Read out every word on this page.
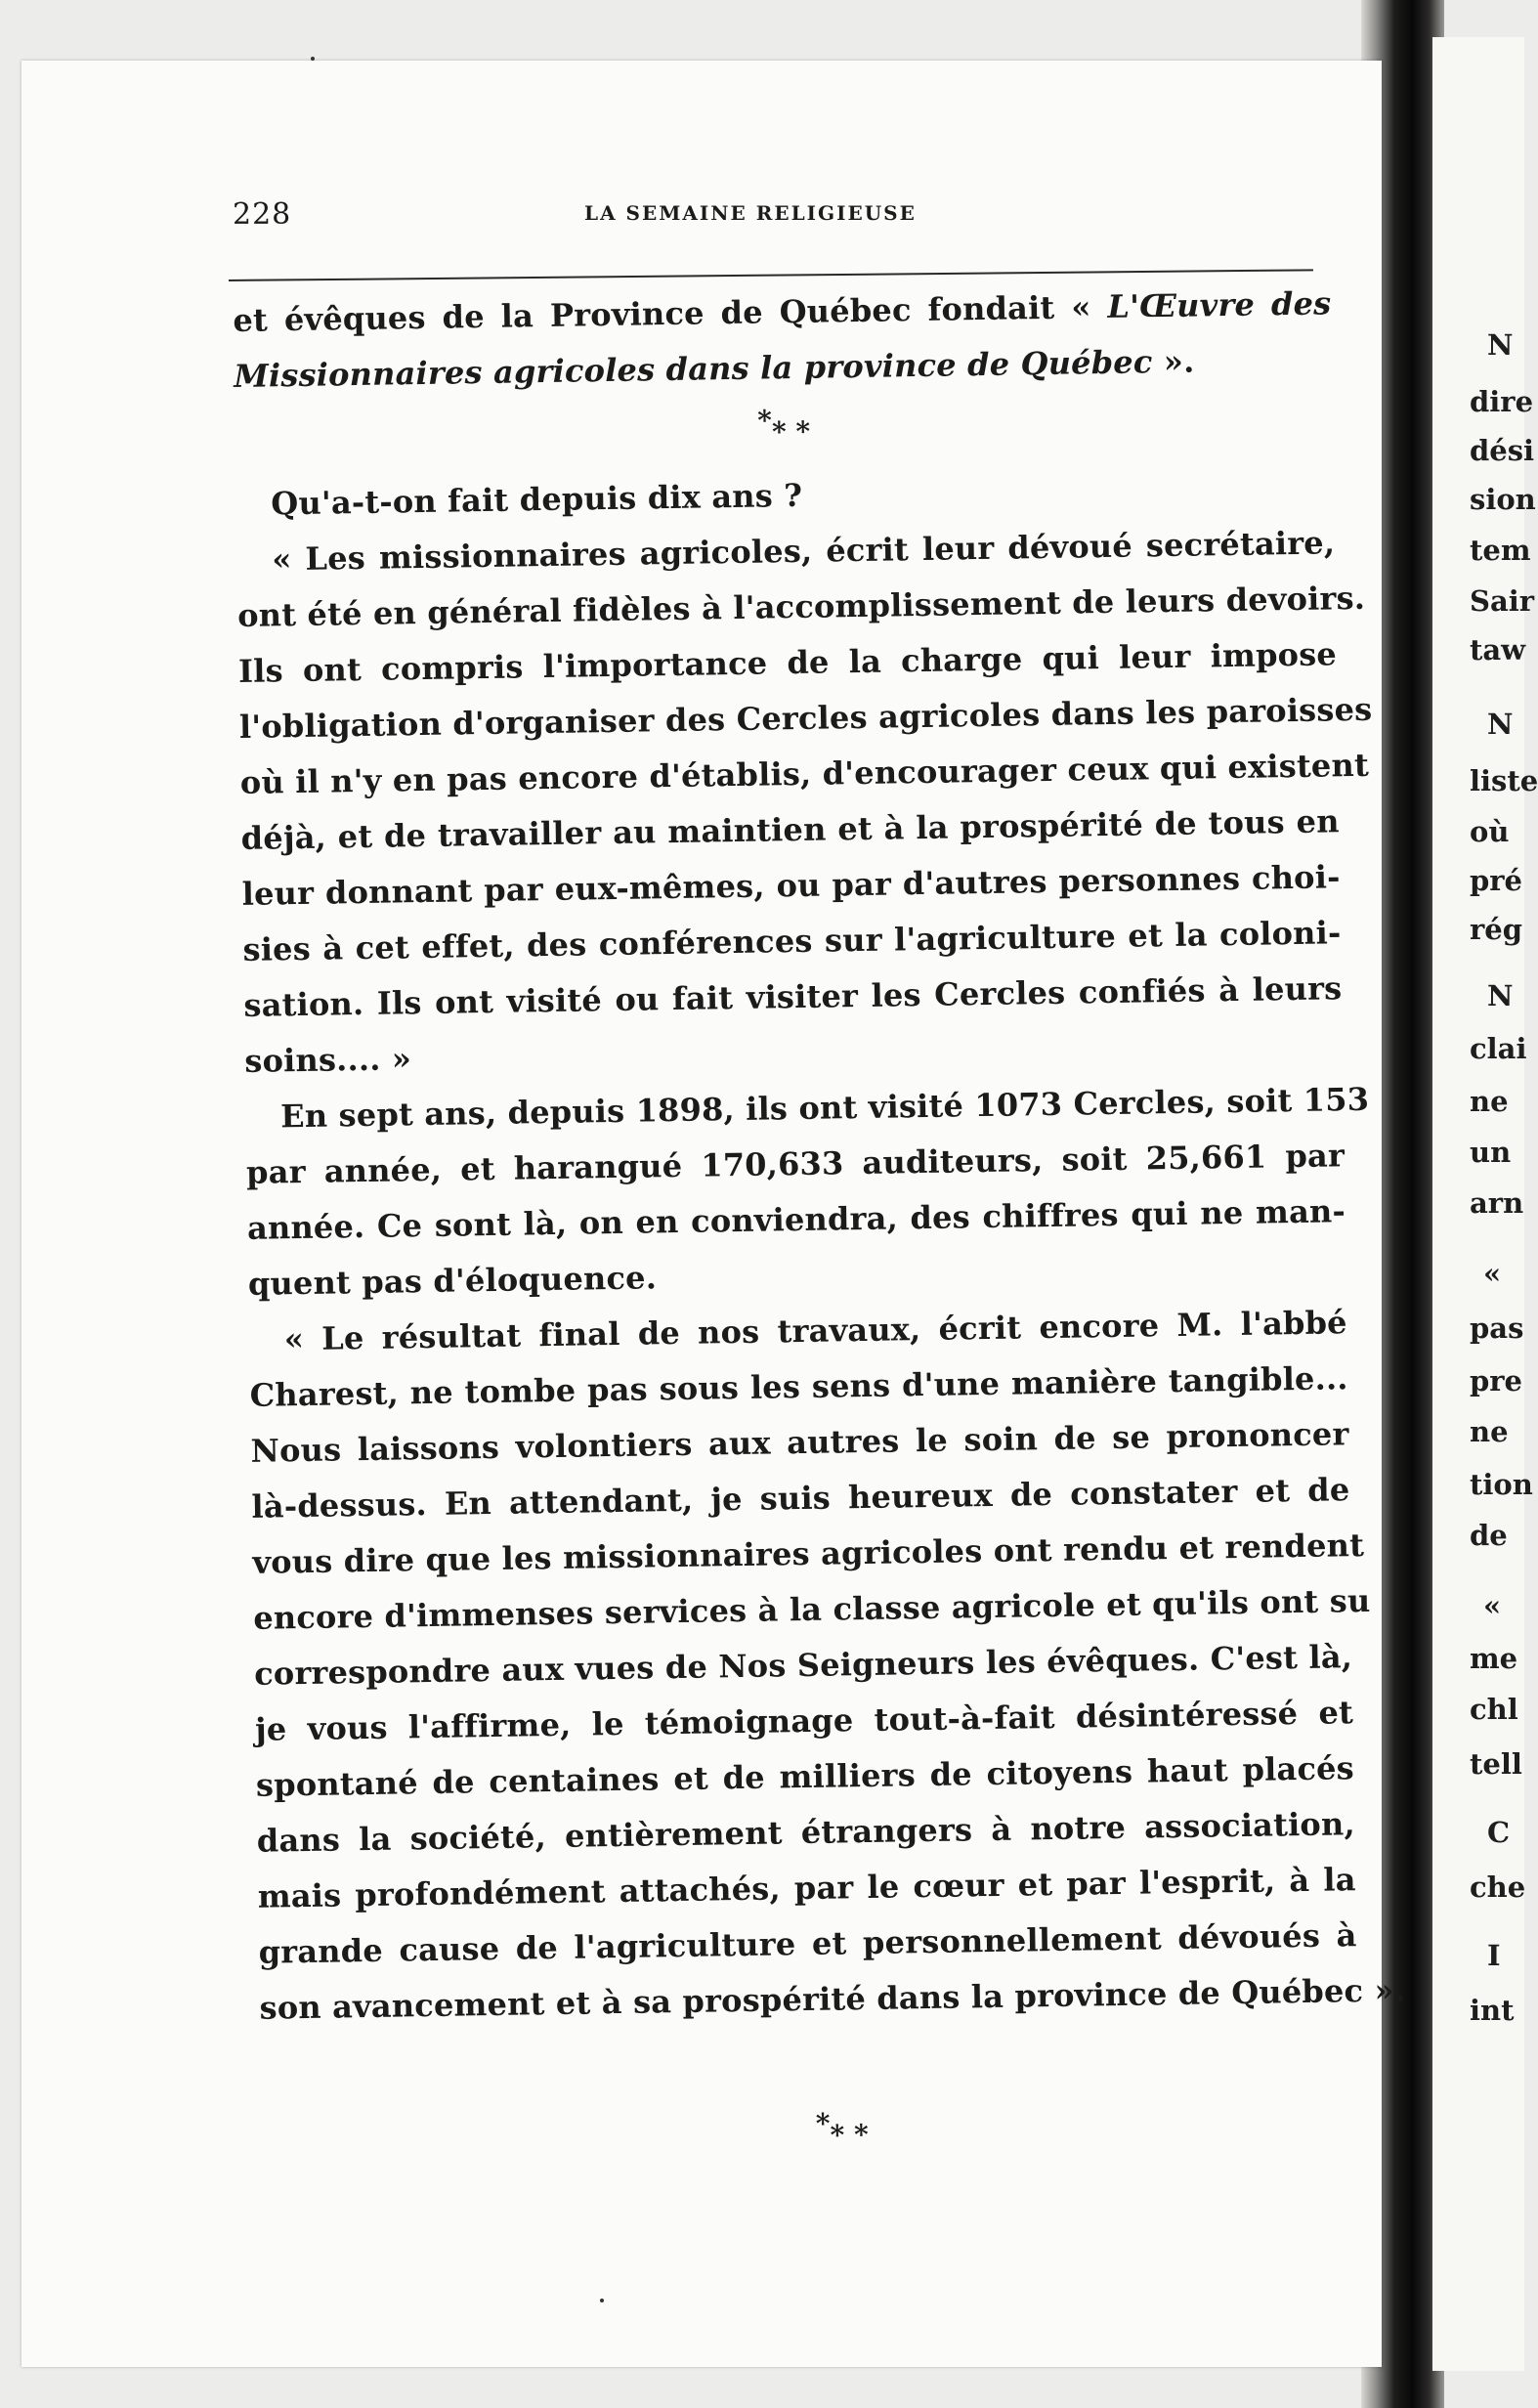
N
dire
dési
sion
tem
Sair
taw
N
liste
où
pré
rég
N
clai
ne
un
arn
«
pas
pre
ne
tion
de
«
me
chl
tell
C
che
I
int
228	LA SEMAINE RELIGIEUSE
et évêques de la Province de Québec fondait « L'Œuvre des
Missionnaires agricoles dans la province de Québec ».
** *
Qu'a-t-on fait depuis dix ans ?
« Les missionnaires agricoles, écrit leur dévoué secrétaire,
ont été en général fidèles à l'accomplissement de leurs devoirs.
Ils ont compris l'importance de la charge qui leur impose
l'obligation d'organiser des Cercles agricoles dans les paroisses
où il n'y en pas encore d'établis, d'encourager ceux qui existent
déjà, et de travailler au maintien et à la prospérité de tous en
leur donnant par eux-mêmes, ou par d'autres personnes choi-
sies à cet effet, des conférences sur l'agriculture et la coloni-
sation. Ils ont visité ou fait visiter les Cercles confiés à leurs
soins.... »
En sept ans, depuis 1898, ils ont visité 1073 Cercles, soit 153
par année, et harangué 170,633 auditeurs, soit 25,661 par
année. Ce sont là, on en conviendra, des chiffres qui ne man-
quent pas d'éloquence.
« Le résultat final de nos travaux, écrit encore M. l'abbé
Charest, ne tombe pas sous les sens d'une manière tangible...
Nous laissons volontiers aux autres le soin de se prononcer
là-dessus. En attendant, je suis heureux de constater et de
vous dire que les missionnaires agricoles ont rendu et rendent
encore d'immenses services à la classe agricole et qu'ils ont su
correspondre aux vues de Nos Seigneurs les évêques. C'est là,
je vous l'affirme, le témoignage tout-à-fait désintéressé et
spontané de centaines et de milliers de citoyens haut placés
dans la société, entièrement étrangers à notre association,
mais profondément attachés, par le cœur et par l'esprit, à la
grande cause de l'agriculture et personnellement dévoués à
son avancement et à sa prospérité dans la province de Québec ».
** *
